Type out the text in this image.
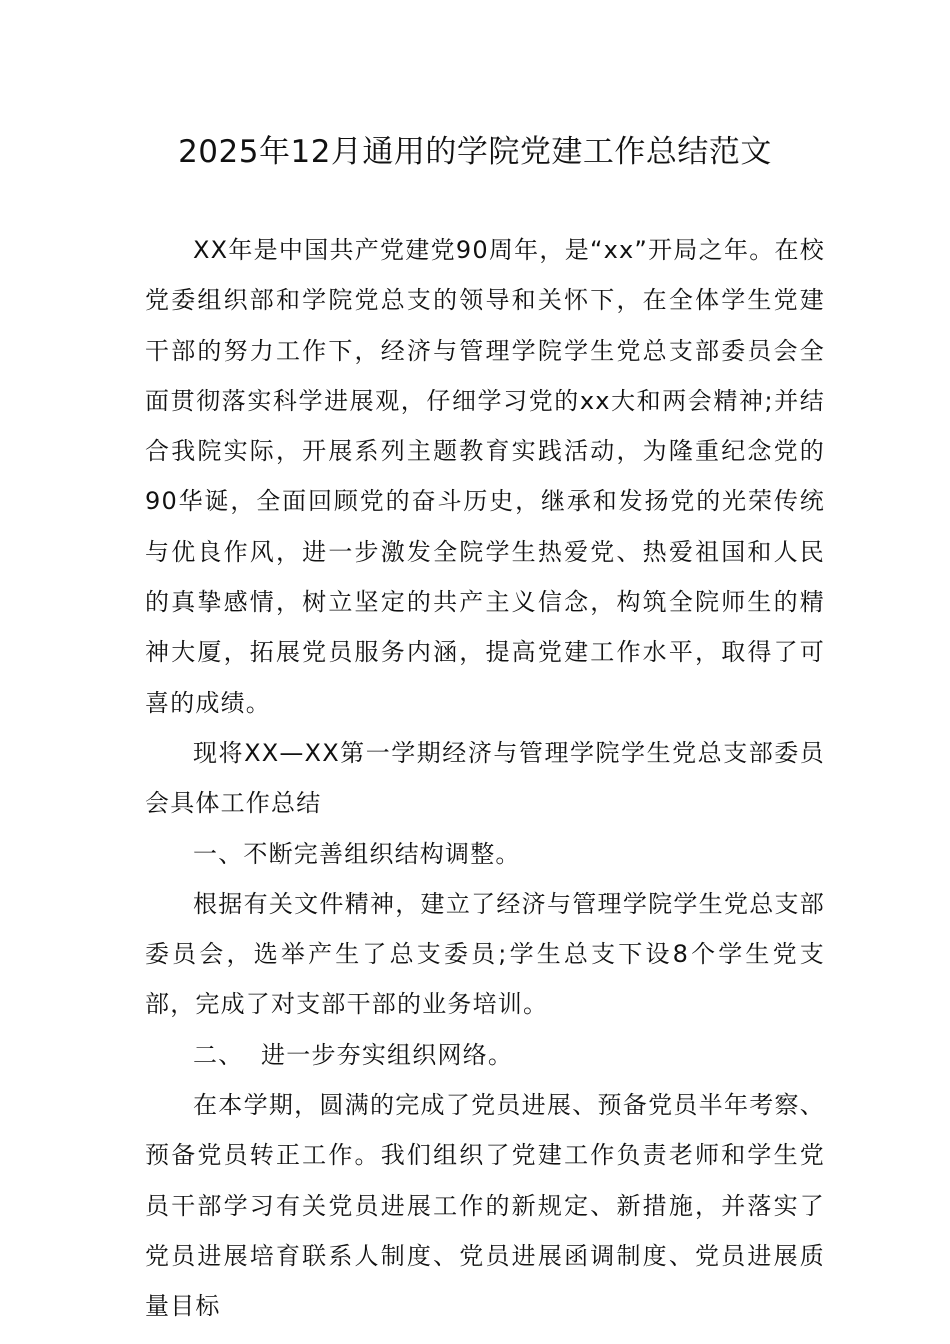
2025年12月通用的学院党建工作总结范文

XX年是中国共产党建党90周年，是“xx”开局之年。在校党委组织部和学院党总支的领导和关怀下，在全体学生党建干部的努力工作下，经济与管理学院学生党总支部委员会全面贯彻落实科学进展观，仔细学习党的xx大和两会精神;并结合我院实际，开展系列主题教育实践活动，为隆重纪念党的90华诞，全面回顾党的奋斗历史，继承和发扬党的光荣传统与优良作风，进一步激发全院学生热爱党、热爱祖国和人民的真挚感情，树立坚定的共产主义信念，构筑全院师生的精神大厦，拓展党员服务内涵，提高党建工作水平，取得了可喜的成绩。

现将XX—XX第一学期经济与管理学院学生党总支部委员会具体工作总结

一、不断完善组织结构调整。

根据有关文件精神，建立了经济与管理学院学生党总支部委员会，选举产生了总支委员;学生总支下设8个学生党支部，完成了对支部干部的业务培训。

二、  进一步夯实组织网络。

在本学期，圆满的完成了党员进展、预备党员半年考察、预备党员转正工作。我们组织了党建工作负责老师和学生党员干部学习有关党员进展工作的新规定、新措施，并落实了党员进展培育联系人制度、党员进展函调制度、党员进展质量目标
